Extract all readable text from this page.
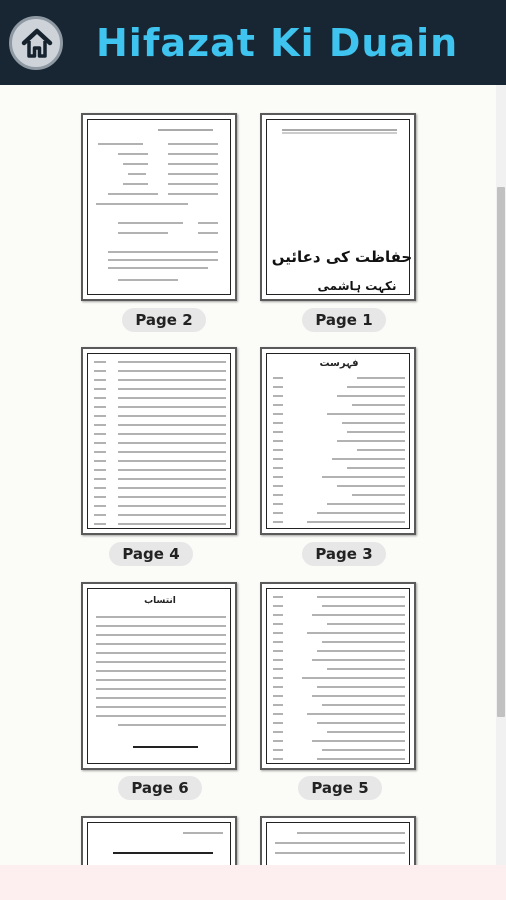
Hifazat Ki Duain
حفاظت کی دعائیں
نکہت ہاشمی
Page 2	Page 1
فہرست
Page 4	Page 3
انتساب
Page 6	Page 5
